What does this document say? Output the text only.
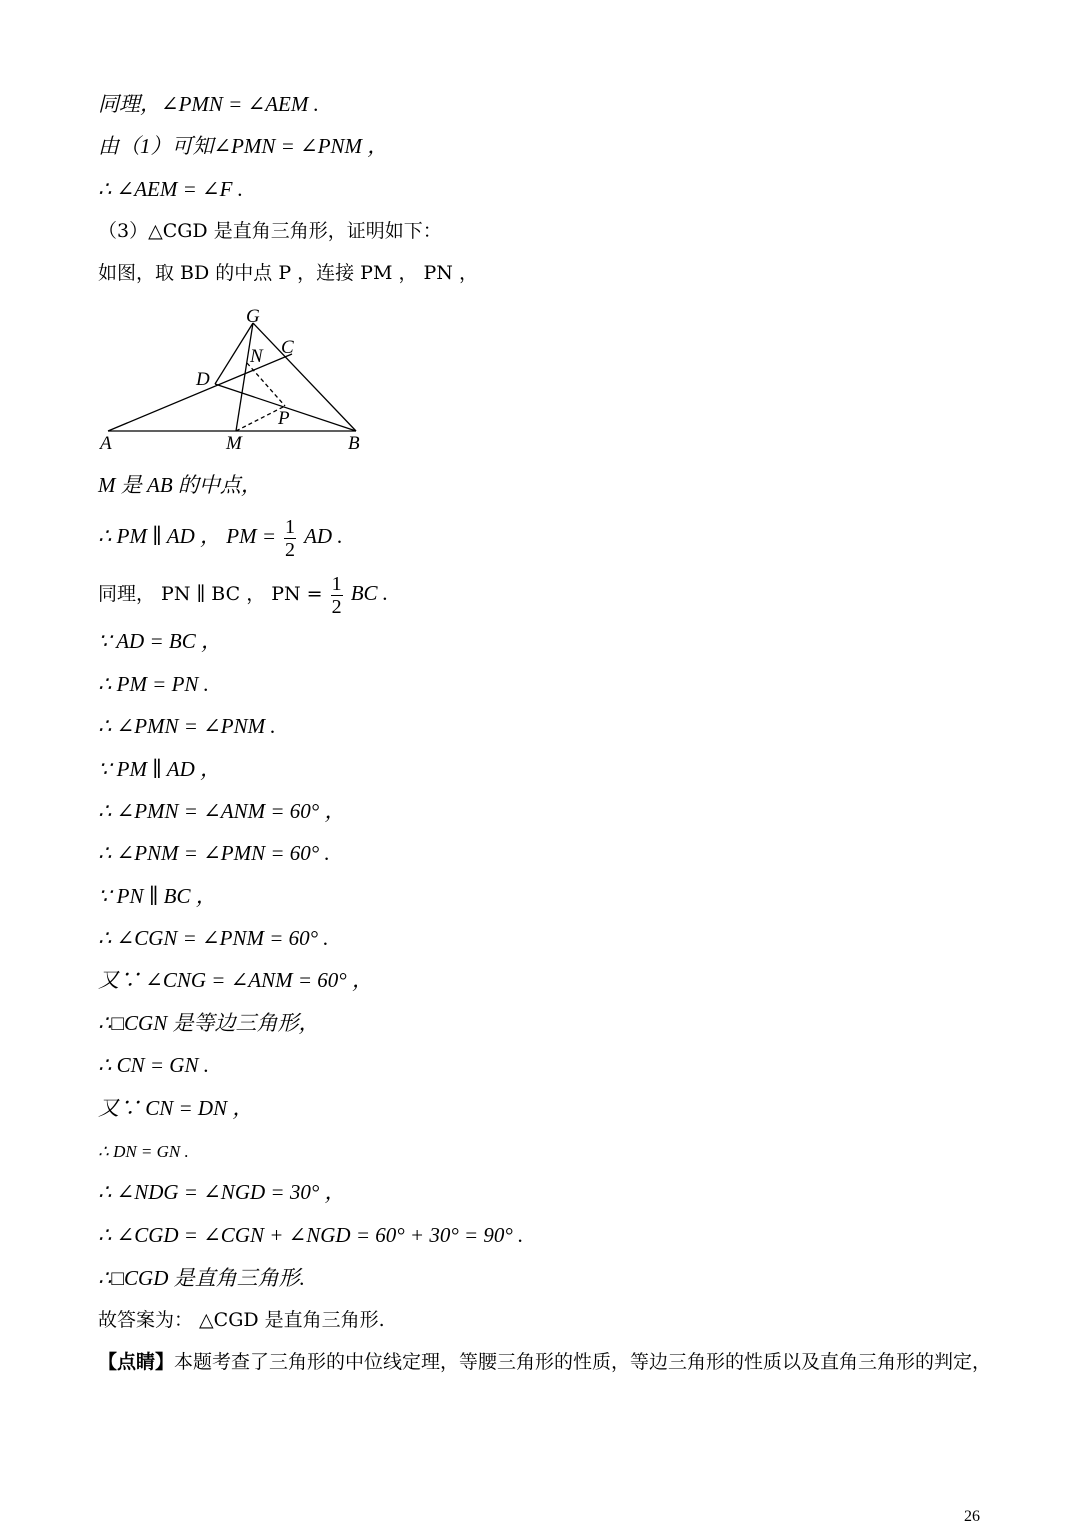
同理，∠PMN = ∠AEM .
由（1）可知∠PMN = ∠PNM ，
∴ ∠AEM = ∠F .
（3）△CGD 是直角三角形，证明如下：
如图，取 BD 的中点 P ，连接 PM ， PN ，
G
N C
D
P
A	M	B
M 是 AB 的中点，
∴ PM ∥ AD ， PM = $\frac{1}{2}$ AD .
同理， PN ∥ BC ， PN = $\frac{1}{2}$ BC .
∵ AD = BC ，
∴ PM = PN .
∴ ∠PMN = ∠PNM .
∵ PM ∥ AD ，
∴ ∠PMN = ∠ANM = 60° ，
∴ ∠PNM = ∠PMN = 60° .
∵ PN ∥ BC ，
∴ ∠CGN = ∠PNM = 60° .
又∵ ∠CNG = ∠ANM = 60° ，
∴□CGN 是等边三角形，
∴ CN = GN .
又∵ CN = DN ，
∴ DN = GN .
∴ ∠NDG = ∠NGD = 30° ，
∴ ∠CGD = ∠CGN + ∠NGD = 60° + 30° = 90° .
∴□CGD 是直角三角形.
故答案为： △CGD 是直角三角形.
【点睛】本题考查了三角形的中位线定理，等腰三角形的性质，等边三角形的性质以及直角三角形的判定，
26
